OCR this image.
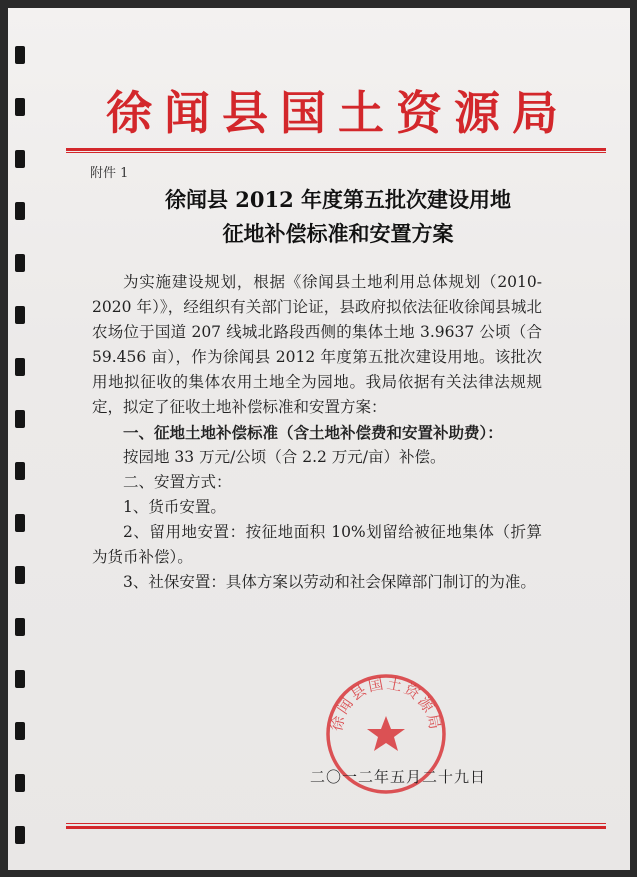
徐闻县国土资源局
附件 1
徐闻县 2012 年度第五批次建设用地
征地补偿标准和安置方案

为实施建设规划，根据《徐闻县土地利用总体规划（2010-2020 年）》，经组织有关部门论证，县政府拟依法征收徐闻县城北农场位于国道 207 线城北路段西侧的集体土地 3.9637 公顷（合 59.456 亩），作为徐闻县 2012 年度第五批次建设用地。该批次用地拟征收的集体农用土地全为园地。我局依据有关法律法规规定，拟定了征收土地补偿标准和安置方案：

一、征地土地补偿标准（含土地补偿费和安置补助费）：

按园地 33 万元/公顷（合 2.2 万元/亩）补偿。

二、安置方式：

1、货币安置。

2、留用地安置：按征地面积 10%划留给被征地集体（折算为货币补偿）。

3、社保安置：具体方案以劳动和社会保障部门制订的为准。

徐闻县国土资源局
二〇一二年五月二十九日
